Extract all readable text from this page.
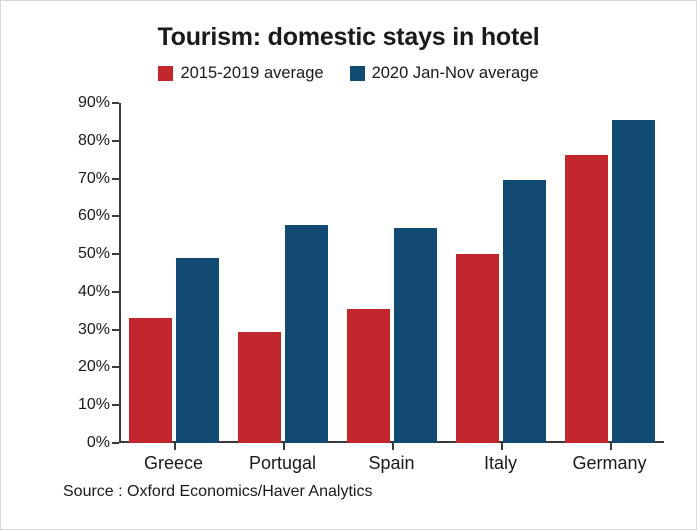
Tourism: domestic stays in hotel
2015-2019 average	2020 Jan-Nov average
0%
10%
20%
30%
40%
50%
60%
70%
80%
90%
Greece	Portugal	Spain	Italy	Germany
Source : Oxford Economics/Haver Analytics
